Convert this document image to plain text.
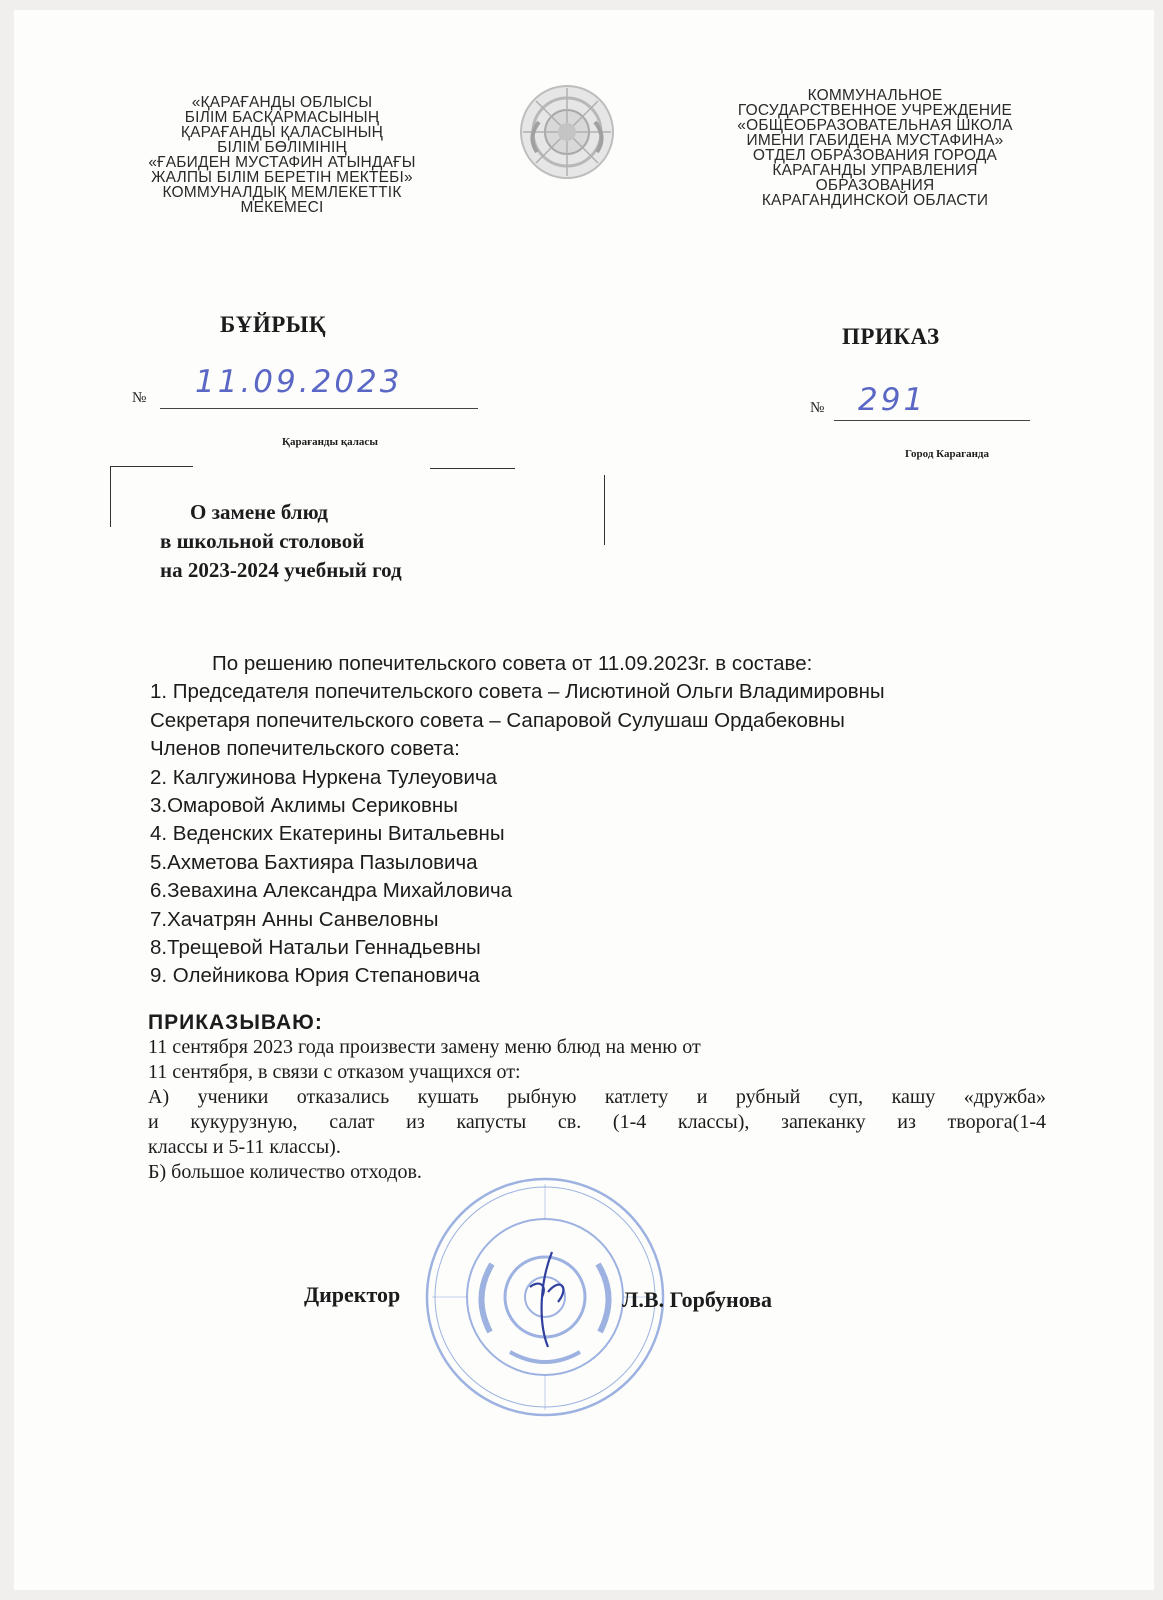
«ҚАРАҒАНДЫ ОБЛЫСЫ
БІЛІМ БАСҚАРМАСЫНЫҢ
ҚАРАҒАНДЫ ҚАЛАСЫНЫҢ
БІЛІМ БӨЛІМІНІҢ
«ҒАБИДЕН МУСТАФИН АТЫНДАҒЫ
ЖАЛПЫ БІЛІМ БЕРЕТІН МЕКТЕБІ»
КОММУНАЛДЫҚ МЕМЛЕКЕТТІК
МЕКЕМЕСІ
КОММУНАЛЬНОЕ
ГОСУДАРСТВЕННОЕ УЧРЕЖДЕНИЕ
«ОБЩЕОБРАЗОВАТЕЛЬНАЯ ШКОЛА
ИМЕНИ ГАБИДЕНА МУСТАФИНА»
ОТДЕЛ ОБРАЗОВАНИЯ ГОРОДА
КАРАГАНДЫ УПРАВЛЕНИЯ
ОБРАЗОВАНИЯ
КАРАГАНДИНСКОЙ ОБЛАСТИ
БҰЙРЫҚ	ПРИКАЗ
№ 11.09.2023
Қарағанды қаласы
№ 291
Город Караганда
О замене блюд
в школьной столовой
на 2023-2024 учебный год
По решению попечительского совета от 11.09.2023г. в составе:
1. Председателя попечительского совета – Лисютиной Ольги Владимировны
Секретаря попечительского совета – Сапаровой Сулушаш Ордабековны
Членов попечительского совета:
2. Калгужинова Нуркена Тулеуовича
3.Омаровой Аклимы Сериковны
4. Веденских Екатерины Витальевны
5.Ахметова Бахтияра Пазыловича
6.Зевахина Александра Михайловича
7.Хачатрян Анны Санвеловны
8.Трещевой Натальи Геннадьевны
9. Олейникова Юрия Степановича
ПРИКАЗЫВАЮ:
11 сентября 2023 года произвести замену меню блюд на меню от
11 сентября, в связи с отказом учащихся от:
А) ученики отказались кушать рыбную катлету и рубный суп, кашу «дружба»
и кукурузную, салат из капусты св. (1-4 классы), запеканку из творога(1-4
классы и 5-11 классы).
Б) большое количество отходов.
Директор	Л.В. Горбунова
